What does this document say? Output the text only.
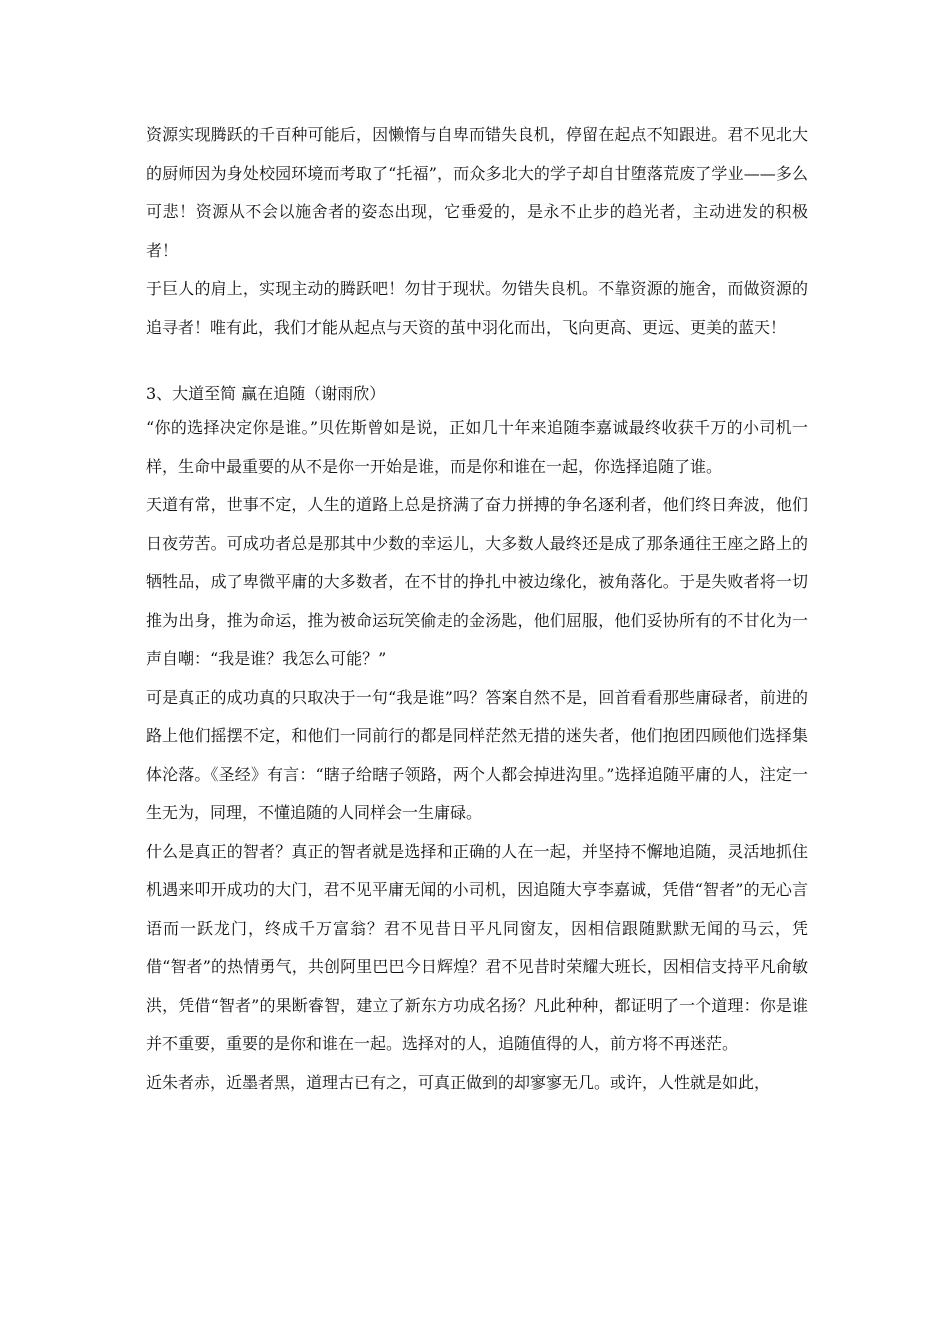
资源实现腾跃的千百种可能后，因懒惰与自卑而错失良机，停留在起点不知跟进。君不见北大的厨师因为身处校园环境而考取了“托福”，而众多北大的学子却自甘堕落荒废了学业——多么可悲！资源从不会以施舍者的姿态出现，它垂爱的，是永不止步的趋光者，主动进发的积极者！

于巨人的肩上，实现主动的腾跃吧！勿甘于现状。勿错失良机。不靠资源的施舍，而做资源的追寻者！唯有此，我们才能从起点与天资的茧中羽化而出，飞向更高、更远、更美的蓝天！

3、大道至简 赢在追随（谢雨欣）

“你的选择决定你是谁。”贝佐斯曾如是说，正如几十年来追随李嘉诚最终收获千万的小司机一样，生命中最重要的从不是你一开始是谁，而是你和谁在一起，你选择追随了谁。

天道有常，世事不定，人生的道路上总是挤满了奋力拼搏的争名逐利者，他们终日奔波，他们日夜劳苦。可成功者总是那其中少数的幸运儿，大多数人最终还是成了那条通往王座之路上的牺牲品，成了卑微平庸的大多数者，在不甘的挣扎中被边缘化，被角落化。于是失败者将一切推为出身，推为命运，推为被命运玩笑偷走的金汤匙，他们屈服，他们妥协所有的不甘化为一声自嘲：“我是谁？我怎么可能？”

可是真正的成功真的只取决于一句“我是谁”吗？答案自然不是，回首看看那些庸碌者，前进的路上他们摇摆不定，和他们一同前行的都是同样茫然无措的迷失者，他们抱团四顾他们选择集体沦落。《圣经》有言：“瞎子给瞎子领路，两个人都会掉进沟里。”选择追随平庸的人，注定一生无为，同理，不懂追随的人同样会一生庸碌。

什么是真正的智者？真正的智者就是选择和正确的人在一起，并坚持不懈地追随，灵活地抓住机遇来叩开成功的大门，君不见平庸无闻的小司机，因追随大亨李嘉诚，凭借“智者”的无心言语而一跃龙门，终成千万富翁？君不见昔日平凡同窗友，因相信跟随默默无闻的马云，凭借“智者”的热情勇气，共创阿里巴巴今日辉煌？君不见昔时荣耀大班长，因相信支持平凡俞敏洪，凭借“智者”的果断睿智，建立了新东方功成名扬？凡此种种，都证明了一个道理：你是谁并不重要，重要的是你和谁在一起。选择对的人，追随值得的人，前方将不再迷茫。

近朱者赤，近墨者黑，道理古已有之，可真正做到的却寥寥无几。或许，人性就是如此，
